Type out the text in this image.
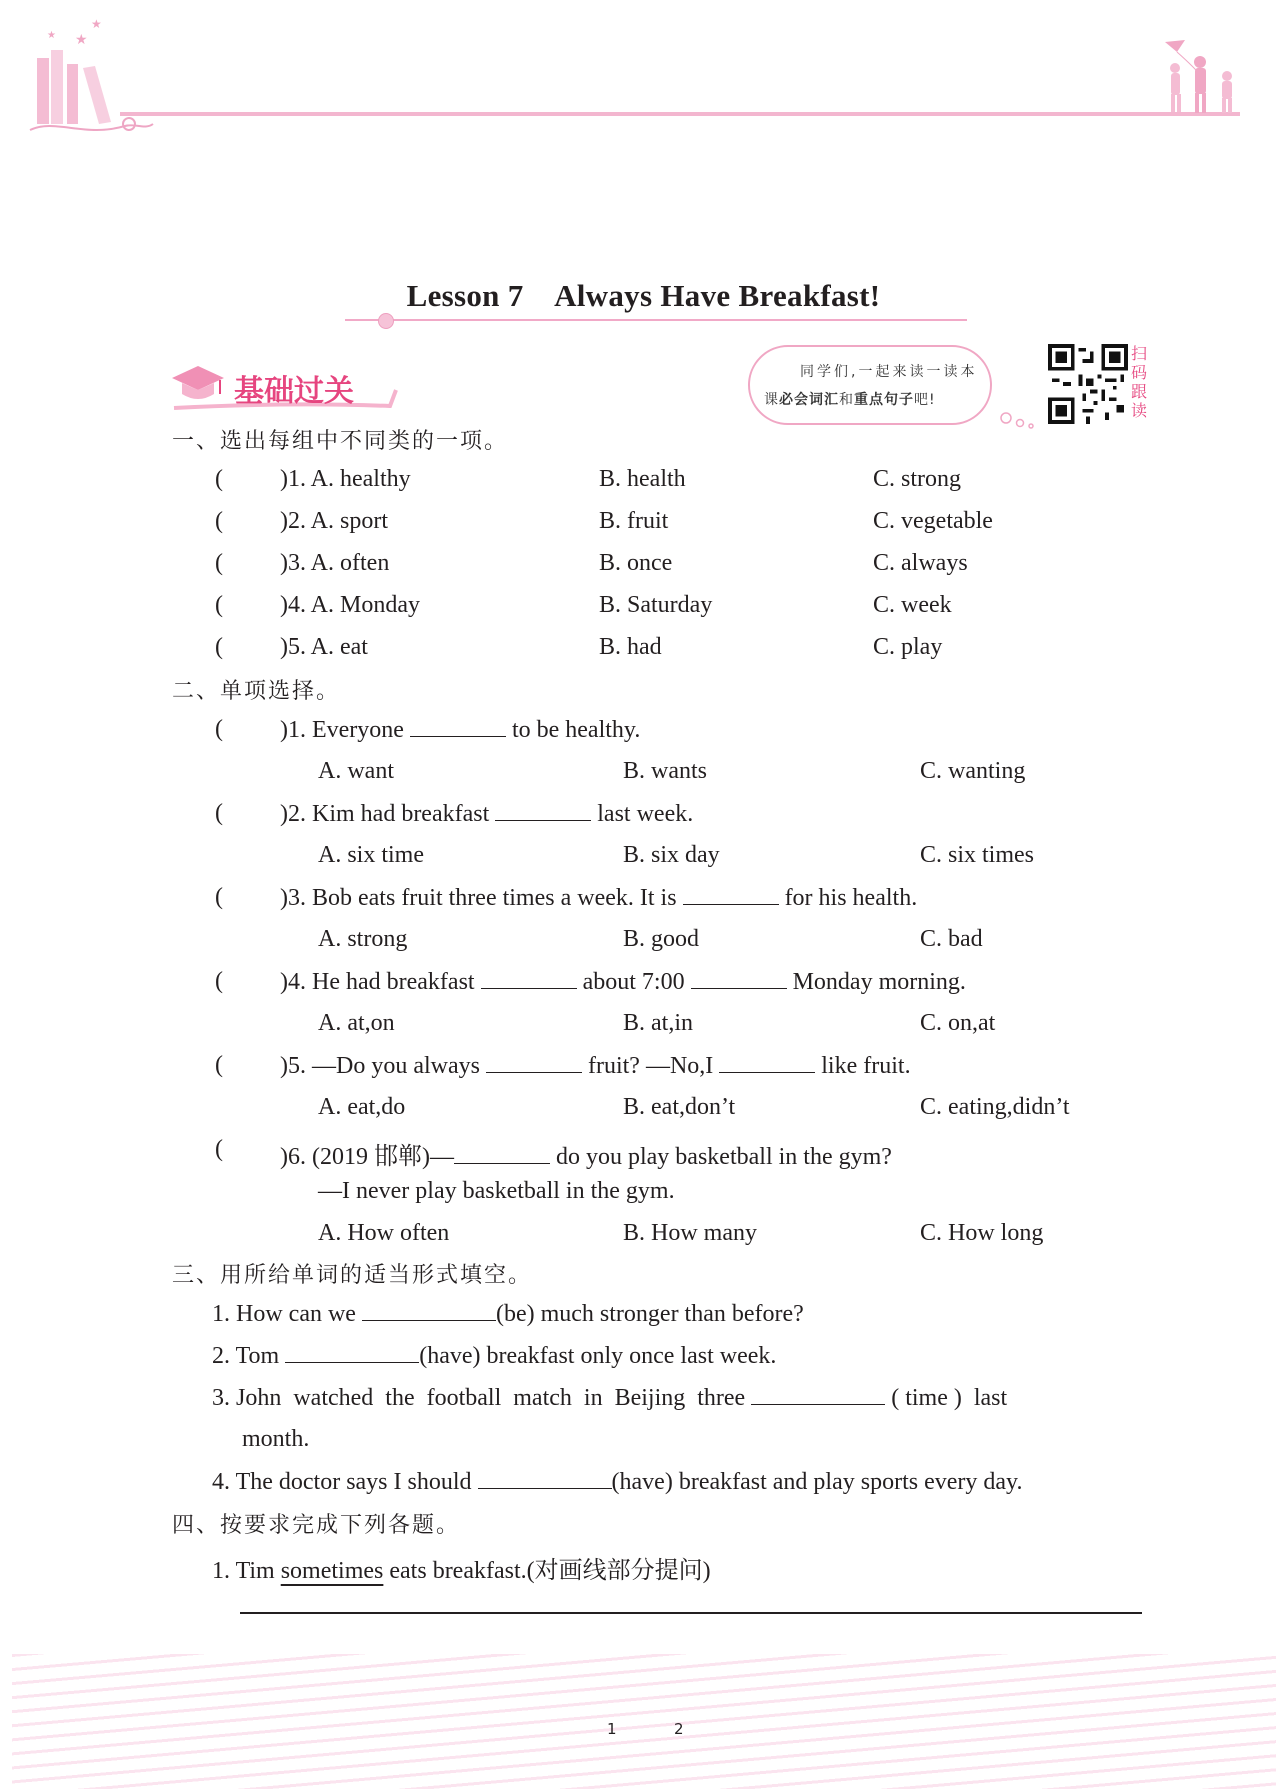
★
★
★
Lesson 7 Always Have Breakfast!
基础过关
同学们,一起来读一读本
课必会词汇和重点句子吧!
扫
码
跟
读
一、选出每组中不同类的一项。
( )1. A. healthy	B. health	C. strong
( )2. A. sport	B. fruit	C. vegetable
( )3. A. often	B. once	C. always
( )4. A. Monday	B. Saturday	C. week
( )5. A. eat	B. had	C. play
二、单项选择。
( )1. Everyone	to be healthy.
A. want	B. wants	C. wanting
( )2. Kim had breakfast	last week.
A. six time	B. six day	C. six times
( )3. Bob eats fruit three times a week. It is	for his health.
A. strong	B. good	C. bad
( )4. He had breakfast	about 7:00	Monday morning.
A. at,on	B. at,in	C. on,at
( )5. —Do you always	fruit? —No,I	like fruit.
A. eat,do	B. eat,don’t	C. eating,didn’t
( )6. (2019 邯郸)—	do you play basketball in the gym?
—I never play basketball in the gym.
A. How often	B. How many	C. How long
三、用所给单词的适当形式填空。
1. How can we	(be) much stronger than before?
2. Tom	(have) breakfast only once last week.
3. John  watched  the  football  match  in  Beijing  three	( time )  last
month.
4. The doctor says I should	(have) breakfast and play sports every day.
四、按要求完成下列各题。
1. Tim sometimes eats breakfast.(对画线部分提问)
1	2
